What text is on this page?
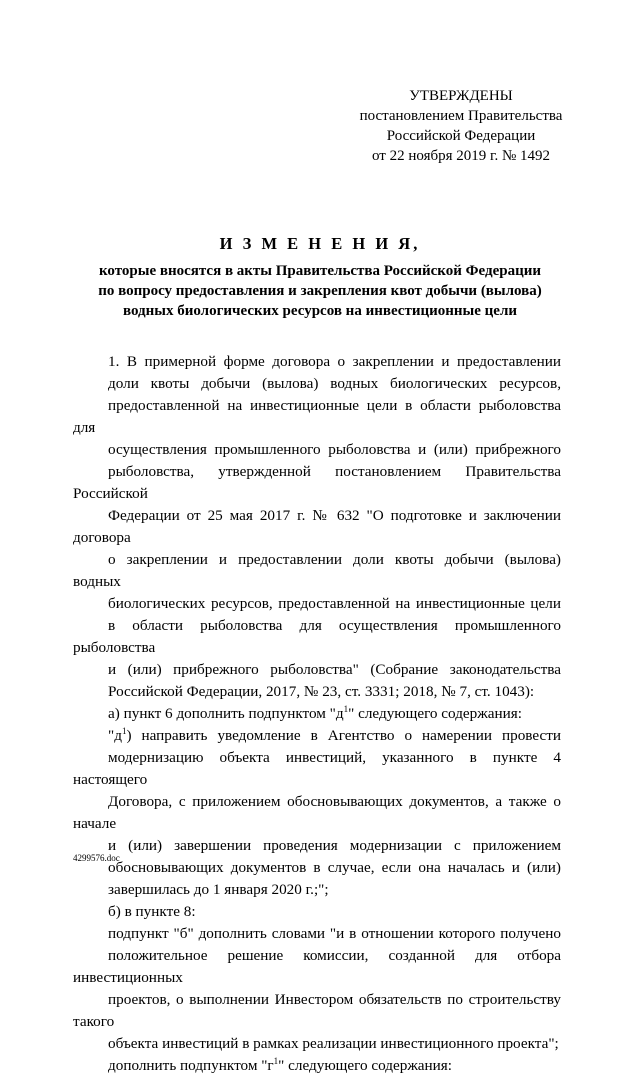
УТВЕРЖДЕНЫ
постановлением Правительства
Российской Федерации
от 22 ноября 2019 г. № 1492
И З М Е Н Е Н И Я,
которые вносятся в акты Правительства Российской Федерации
по вопросу предоставления и закрепления квот добычи (вылова)
водных биологических ресурсов на инвестиционные цели
1. В примерной форме договора о закреплении и предоставлении
доли квоты добычи (вылова) водных биологических ресурсов,
предоставленной на инвестиционные цели в области рыболовства для
осуществления промышленного рыболовства и (или) прибрежного
рыболовства, утвержденной постановлением Правительства Российской
Федерации от 25 мая 2017 г. № 632 "О подготовке и заключении договора
о закреплении и предоставлении доли квоты добычи (вылова) водных
биологических ресурсов, предоставленной на инвестиционные цели
в области рыболовства для осуществления промышленного рыболовства
и (или) прибрежного рыболовства" (Собрание законодательства
Российской Федерации, 2017, № 23, ст. 3331; 2018, № 7, ст. 1043):
а) пункт 6 дополнить подпунктом "$д^1$" следующего содержания:
"$д^1$) направить уведомление в Агентство о намерении провести
модернизацию объекта инвестиций, указанного в пункте 4 настоящего
Договора, с приложением обосновывающих документов, а также о начале
и (или) завершении проведения модернизации с приложением
обосновывающих документов в случае, если она началась и (или)
завершилась до 1 января 2020 г.;";
б) в пункте 8:
подпункт "б" дополнить словами "и в отношении которого получено
положительное решение комиссии, созданной для отбора инвестиционных
проектов, о выполнении Инвестором обязательств по строительству такого
объекта инвестиций в рамках реализации инвестиционного проекта";
дополнить подпунктом "$г^1$" следующего содержания:
4299576.doc
